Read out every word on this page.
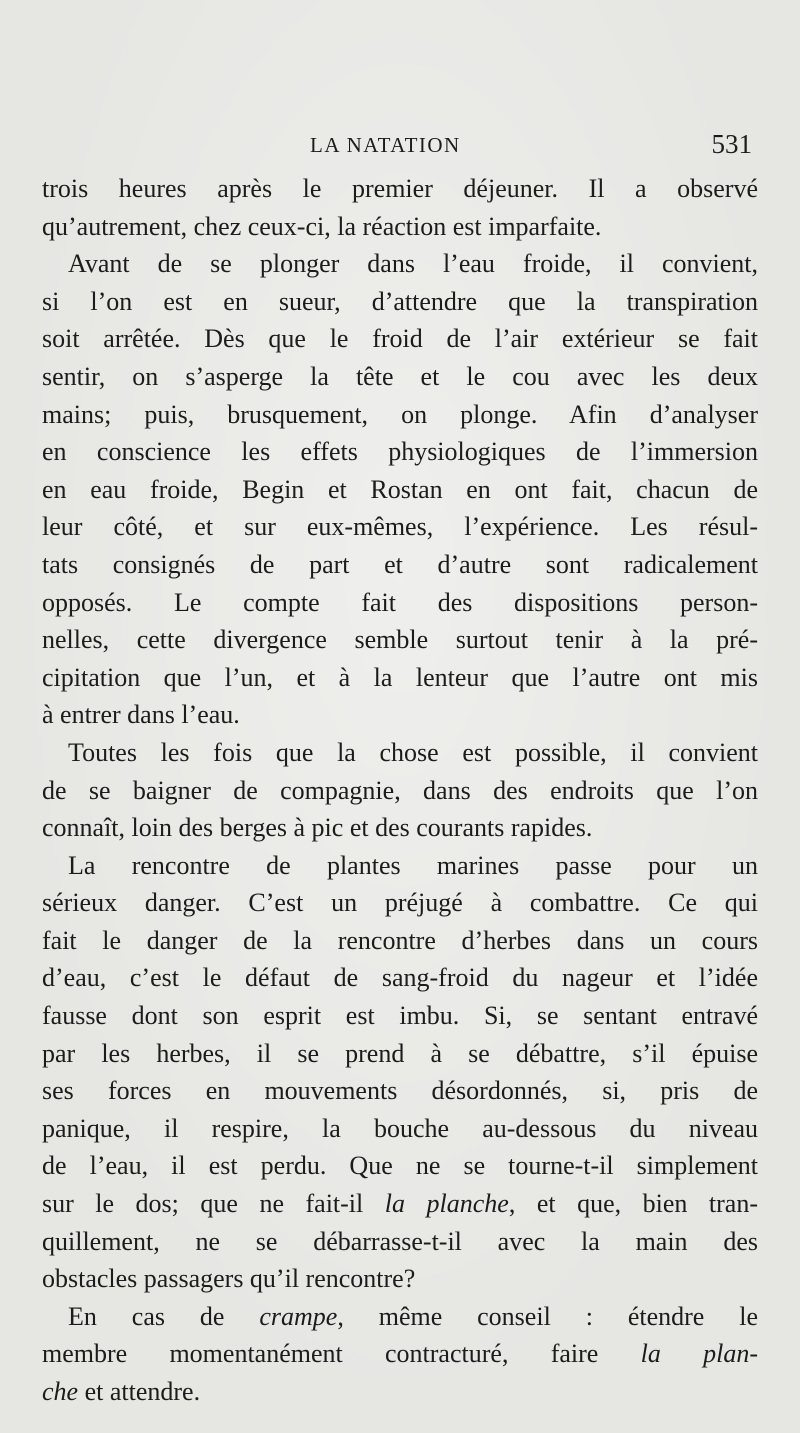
LA NATATION	531
trois heures après le premier déjeuner. Il a observé
qu’autrement, chez ceux-ci, la réaction est imparfaite.
Avant de se plonger dans l’eau froide, il convient,
si l’on est en sueur, d’attendre que la transpiration
soit arrêtée. Dès que le froid de l’air extérieur se fait
sentir, on s’asperge la tête et le cou avec les deux
mains; puis, brusquement, on plonge. Afin d’analyser
en conscience les effets physiologiques de l’immersion
en eau froide, Begin et Rostan en ont fait, chacun de
leur côté, et sur eux-mêmes, l’expérience. Les résul-
tats consignés de part et d’autre sont radicalement
opposés. Le compte fait des dispositions person-
nelles, cette divergence semble surtout tenir à la pré-
cipitation que l’un, et à la lenteur que l’autre ont mis
à entrer dans l’eau.
Toutes les fois que la chose est possible, il convient
de se baigner de compagnie, dans des endroits que l’on
connaît, loin des berges à pic et des courants rapides.
La rencontre de plantes marines passe pour un
sérieux danger. C’est un préjugé à combattre. Ce qui
fait le danger de la rencontre d’herbes dans un cours
d’eau, c’est le défaut de sang-froid du nageur et l’idée
fausse dont son esprit est imbu. Si, se sentant entravé
par les herbes, il se prend à se débattre, s’il épuise
ses forces en mouvements désordonnés, si, pris de
panique, il respire, la bouche au-dessous du niveau
de l’eau, il est perdu. Que ne se tourne-t-il simplement
sur le dos; que ne fait-il la planche, et que, bien tran-
quillement, ne se débarrasse-t-il avec la main des
obstacles passagers qu’il rencontre?
En cas de crampe, même conseil : étendre le
membre momentanément contracturé, faire la plan-
che et attendre.
